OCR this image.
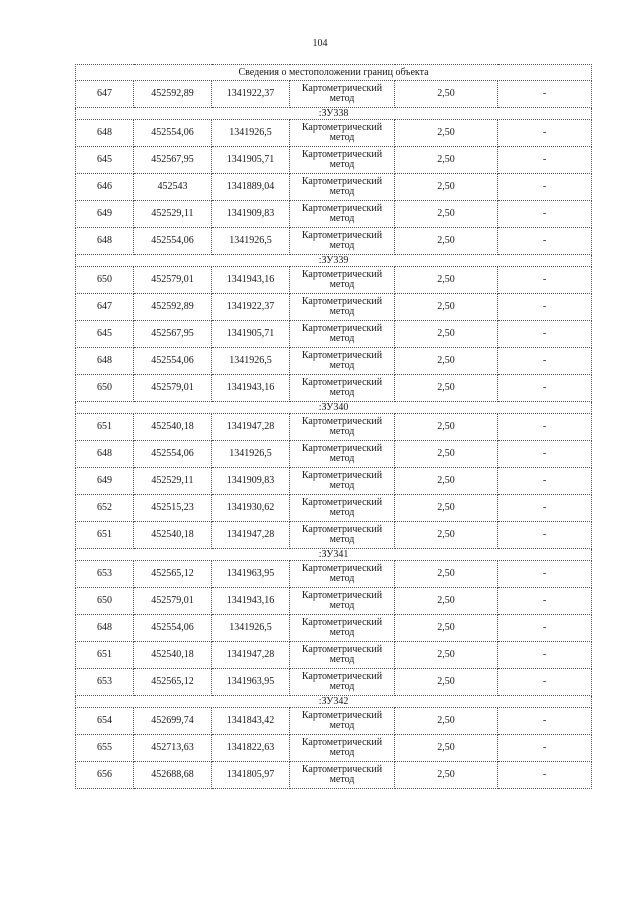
104
Сведения о местоположении границ объекта					
647	452592,89	1341922,37	Картометрический метод	2,50	-
:ЗУ338					
648	452554,06	1341926,5	Картометрический метод	2,50	-
645	452567,95	1341905,71	Картометрический метод	2,50	-
646	452543	1341889,04	Картометрический метод	2,50	-
649	452529,11	1341909,83	Картометрический метод	2,50	-
648	452554,06	1341926,5	Картометрический метод	2,50	-
:ЗУ339					
650	452579,01	1341943,16	Картометрический метод	2,50	-
647	452592,89	1341922,37	Картометрический метод	2,50	-
645	452567,95	1341905,71	Картометрический метод	2,50	-
648	452554,06	1341926,5	Картометрический метод	2,50	-
650	452579,01	1341943,16	Картометрический метод	2,50	-
:ЗУ340					
651	452540,18	1341947,28	Картометрический метод	2,50	-
648	452554,06	1341926,5	Картометрический метод	2,50	-
649	452529,11	1341909,83	Картометрический метод	2,50	-
652	452515,23	1341930,62	Картометрический метод	2,50	-
651	452540,18	1341947,28	Картометрический метод	2,50	-
:ЗУ341					
653	452565,12	1341963,95	Картометрический метод	2,50	-
650	452579,01	1341943,16	Картометрический метод	2,50	-
648	452554,06	1341926,5	Картометрический метод	2,50	-
651	452540,18	1341947,28	Картометрический метод	2,50	-
653	452565,12	1341963,95	Картометрический метод	2,50	-
:ЗУ342					
654	452699,74	1341843,42	Картометрический метод	2,50	-
655	452713,63	1341822,63	Картометрический метод	2,50	-
656	452688,68	1341805,97	Картометрический метод	2,50	-
